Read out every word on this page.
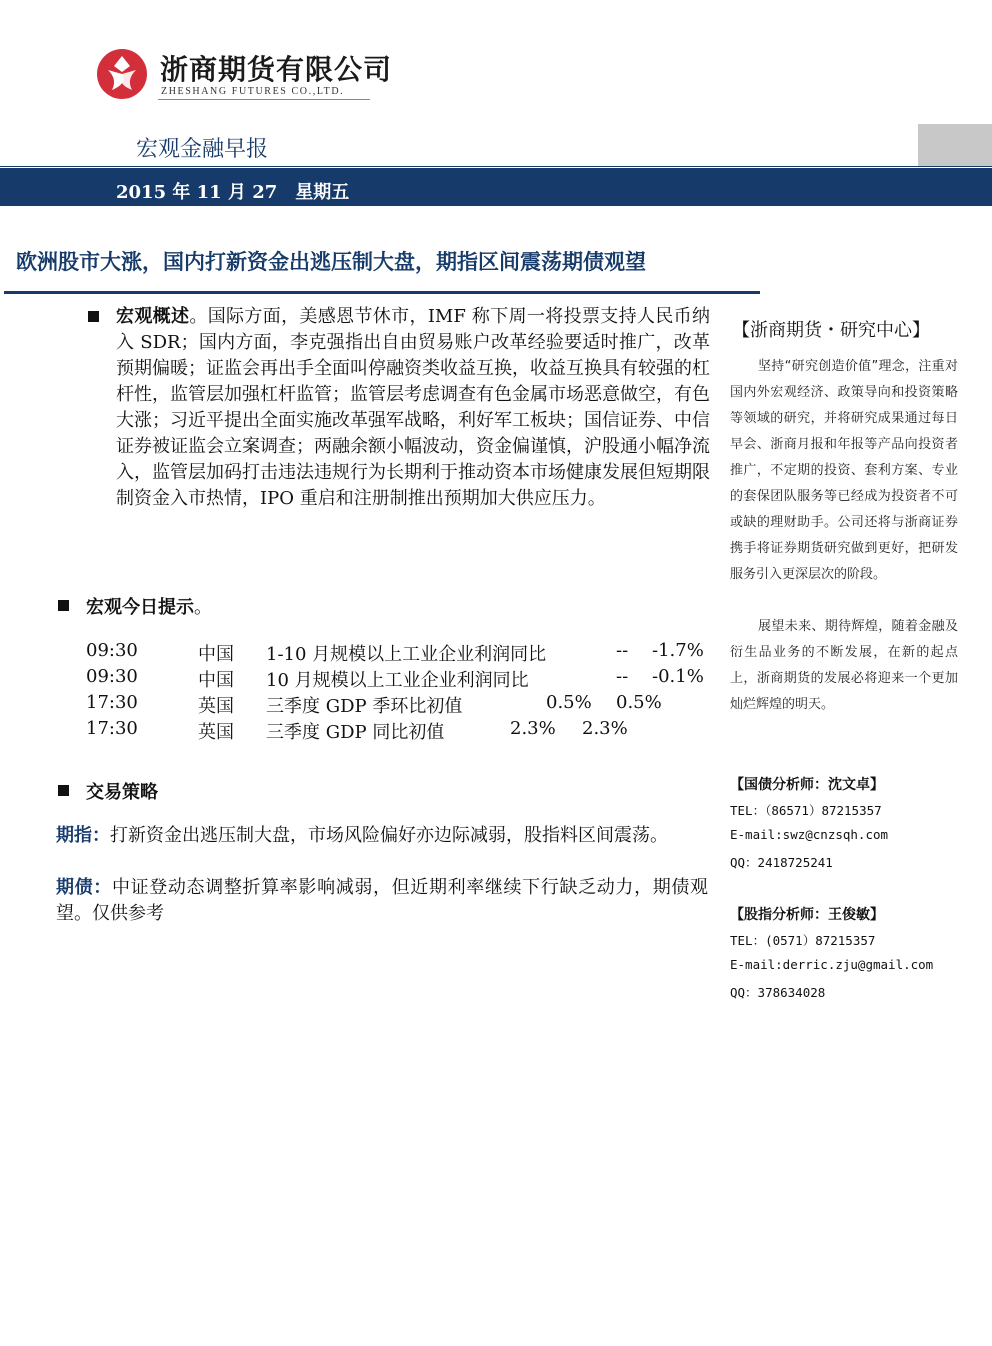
浙商期货有限公司
ZHESHANG FUTURES CO.,LTD.
宏观金融早报
2015 年 11 月 27　星期五
欧洲股市大涨，国内打新资金出逃压制大盘，期指区间震荡期债观望
宏观概述。国际方面，美感恩节休市，IMF 称下周一将投票支持人民币纳入 SDR；国内方面，李克强指出自由贸易账户改革经验要适时推广，改革预期偏暖；证监会再出手全面叫停融资类收益互换，收益互换具有较强的杠杆性，监管层加强杠杆监管；监管层考虑调查有色金属市场恶意做空，有色大涨；习近平提出全面实施改革强军战略，利好军工板块；国信证券、中信证券被证监会立案调查；两融余额小幅波动，资金偏谨慎，沪股通小幅净流入，监管层加码打击违法违规行为长期利于推动资本市场健康发展但短期限制资金入市热情，IPO 重启和注册制推出预期加大供应压力。
宏观今日提示。
09:30	中国 1-10 月规模以上工业企业利润同比	-- -1.7%
09:30	中国 10 月规模以上工业企业利润同比	-- -0.1%
17:30	英国 三季度 GDP 季环比初值	0.5% 0.5%
17:30	英国 三季度 GDP 同比初值	2.3% 2.3%
交易策略
期指：打新资金出逃压制大盘，市场风险偏好亦边际减弱，股指料区间震荡。
期债：中证登动态调整折算率影响减弱，但近期利率继续下行缺乏动力，期债观望。仅供参考
【浙商期货・研究中心】
坚持“研究创造价值”理念，注重对国内外宏观经济、政策导向和投资策略等领域的研究，并将研究成果通过每日早会、浙商月报和年报等产品向投资者推广，不定期的投资、套利方案、专业的套保团队服务等已经成为投资者不可或缺的理财助手。公司还将与浙商证券携手将证券期货研究做到更好，把研发服务引入更深层次的阶段。
展望未来、期待辉煌，随着金融及衍生品业务的不断发展，在新的起点上，浙商期货的发展必将迎来一个更加灿烂辉煌的明天。
【国债分析师：沈文卓】
TEL：（86571）87215357
E-mail:swz@cnzsqh.com
QQ：2418725241
【股指分析师：王俊敏】
TEL：(0571）87215357
E-mail:derric.zju@gmail.com
QQ：378634028
